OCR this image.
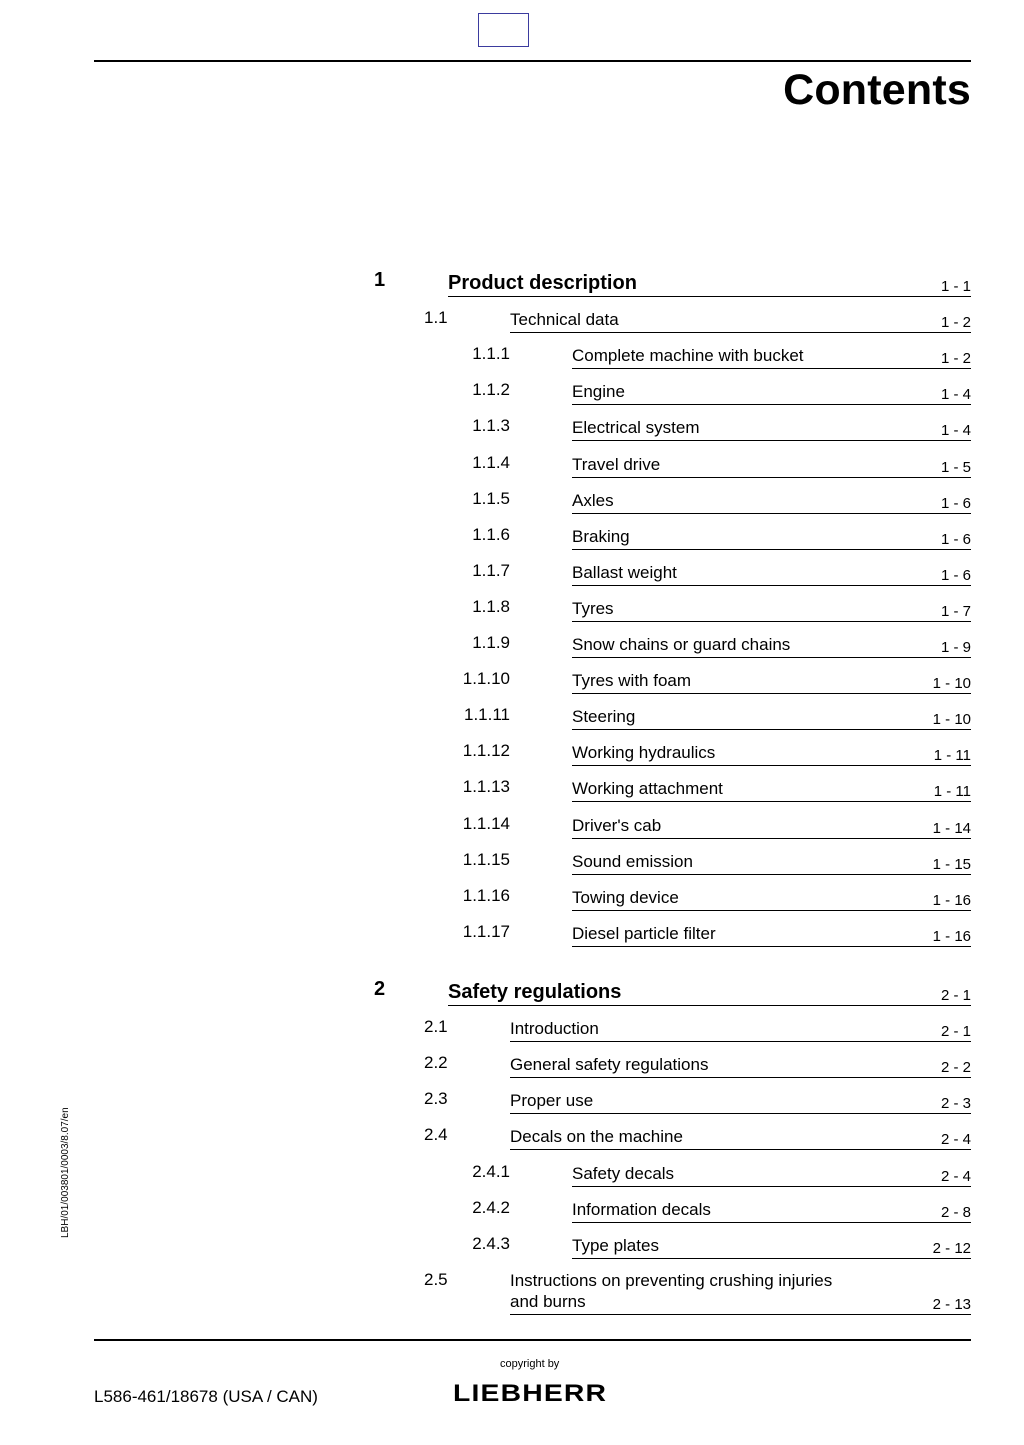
Contents
1	Product description	1 - 1
1.1	Technical data	1 - 2
1.1.1	Complete machine with bucket	1 - 2
1.1.2	Engine	1 - 4
1.1.3	Electrical system	1 - 4
1.1.4	Travel drive	1 - 5
1.1.5	Axles	1 - 6
1.1.6	Braking	1 - 6
1.1.7	Ballast weight	1 - 6
1.1.8	Tyres	1 - 7
1.1.9	Snow chains or guard chains	1 - 9
1.1.10	Tyres with foam	1 - 10
1.1.11	Steering	1 - 10
1.1.12	Working hydraulics	1 - 11
1.1.13	Working attachment	1 - 11
1.1.14	Driver's cab	1 - 14
1.1.15	Sound emission	1 - 15
1.1.16	Towing device	1 - 16
1.1.17	Diesel particle filter	1 - 16
2	Safety regulations	2 - 1
2.1	Introduction	2 - 1
2.2	General safety regulations	2 - 2
2.3	Proper use	2 - 3
2.4	Decals on the machine	2 - 4
2.4.1	Safety decals	2 - 4
2.4.2	Information decals	2 - 8
2.4.3	Type plates	2 - 12
2.5	Instructions on preventing crushing injuries
and burns	2 - 13
LBH/01/003801/0003/8.07/en
L586-461/18678 (USA / CAN)
copyright by
LIEBHERR
